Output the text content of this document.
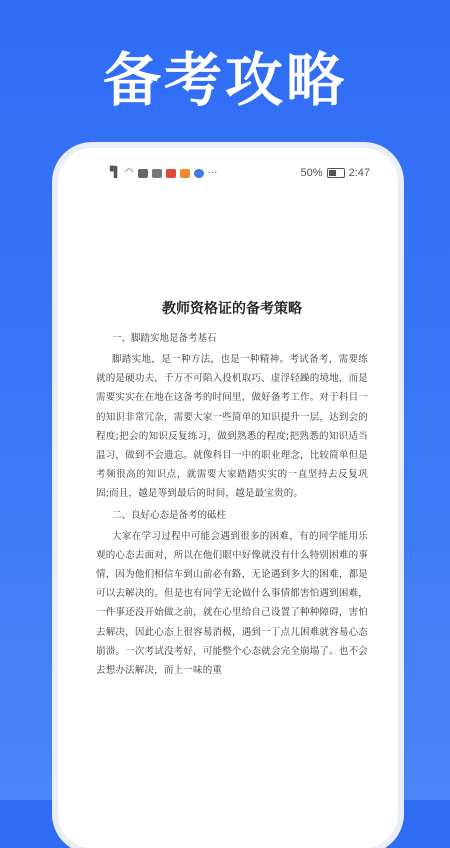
备考攻略
▝▌ ◠	···	50% 2:47
教师资格证的备考策略
一、脚踏实地是备考基石
脚踏实地，是一种方法，也是一种精神。考试备考，需要练就的是硬功夫，千万不可陷入投机取巧、虚浮轻躁的境地，而是需要实实在在地在这备考的时间里，做好备考工作。对于科目一的知识非常冗杂，需要大家一些简单的知识提升一层，达到会的程度;把会的知识反复练习，做到熟悉的程度;把熟悉的知识适当温习，做到不会遗忘。就像科目一中的职业理念，比较简单但是考频很高的知识点，就需要大家踏踏实实的一直坚持去反复巩固;而且，越是等到最后的时间，越是最宝贵的。
二、良好心态是备考的砥柱
大家在学习过程中可能会遇到很多的困难，有的同学能用乐观的心态去面对，所以在他们眼中好像就没有什么特别困难的事情，因为他们相信车到山前必有路，无论遇到多大的困难，都是可以去解决的。但是也有同学无论做什么事情都害怕遇到困难，一件事还没开始做之前，就在心里给自己设置了种种障碍，害怕去解决，因此心态上很容易消极，遇到一丁点儿困难就容易心态崩溃。一次考试没考好，可能整个心态就会完全崩塌了。也不会去想办法解决，而上一味的重
